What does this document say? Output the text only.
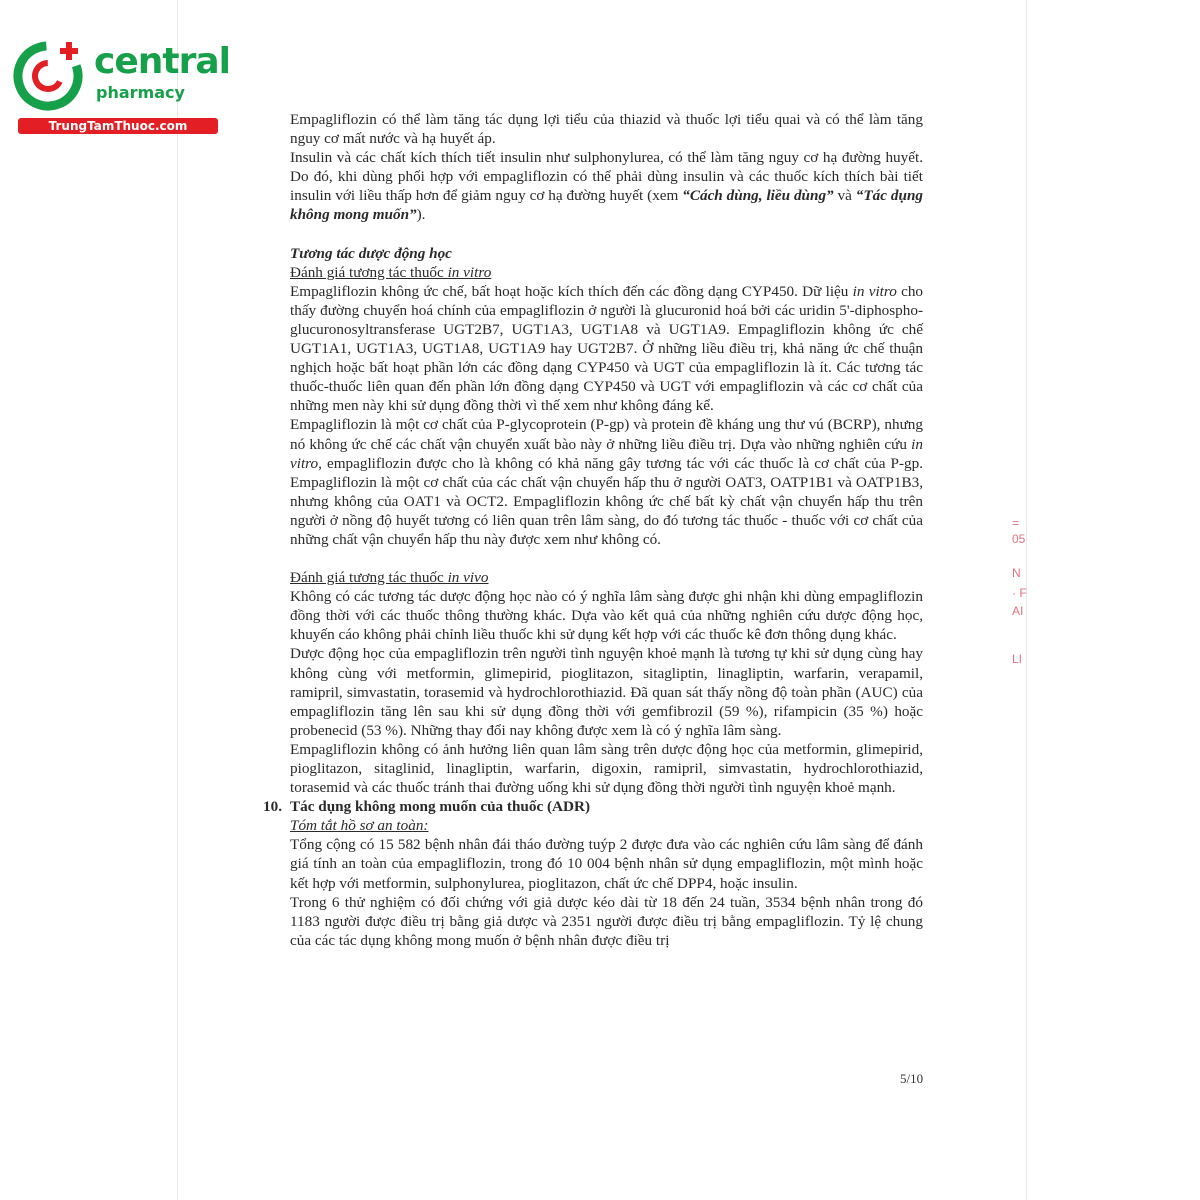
central
pharmacy
TrungTamThuoc.com	Empagliflozin có thể làm tăng tác dụng lợi tiểu của thiazid và thuốc lợi tiểu quai và có thể làm tăng nguy cơ mất nước và hạ huyết áp.

Insulin và các chất kích thích tiết insulin như sulphonylurea, có thể làm tăng nguy cơ hạ đường huyết. Do đó, khi dùng phối hợp với empagliflozin có thể phải dùng insulin và các thuốc kích thích bài tiết insulin với liều thấp hơn để giảm nguy cơ hạ đường huyết (xem “Cách dùng, liều dùng” và “Tác dụng không mong muốn”).

Tương tác dược động học

Đánh giá tương tác thuốc in vitro

Empagliflozin không ức chế, bất hoạt hoặc kích thích đến các đồng dạng CYP450. Dữ liệu in vitro cho thấy đường chuyển hoá chính của empagliflozin ở người là glucuronid hoá bởi các uridin 5'-diphospho-glucuronosyltransferase UGT2B7, UGT1A3, UGT1A8 và UGT1A9. Empagliflozin không ức chế UGT1A1, UGT1A3, UGT1A8, UGT1A9 hay UGT2B7. Ở những liều điều trị, khả năng ức chế thuận nghịch hoặc bất hoạt phần lớn các đồng dạng CYP450 và UGT của empagliflozin là ít. Các tương tác thuốc-thuốc liên quan đến phần lớn đồng dạng CYP450 và UGT với empagliflozin và các cơ chất của những men này khi sử dụng đồng thời vì thế xem như không đáng kể.

Empagliflozin là một cơ chất của P-glycoprotein (P-gp) và protein đề kháng ung thư vú (BCRP), nhưng nó không ức chế các chất vận chuyển xuất bào này ở những liều điều trị. Dựa vào những nghiên cứu in vitro, empagliflozin được cho là không có khả năng gây tương tác với các thuốc là cơ chất của P-gp. Empagliflozin là một cơ chất của các chất vận chuyển hấp thu ở người OAT3, OATP1B1 và OATP1B3, nhưng không của OAT1 và OCT2. Empagliflozin không ức chế bất kỳ chất vận chuyển hấp thu trên người ở nồng độ huyết tương có liên quan trên lâm sàng, do đó tương tác thuốc - thuốc với cơ chất của những chất vận chuyển hấp thu này được xem như không có.

Đánh giá tương tác thuốc in vivo

Không có các tương tác dược động học nào có ý nghĩa lâm sàng được ghi nhận khi dùng empagliflozin đồng thời với các thuốc thông thường khác. Dựa vào kết quả của những nghiên cứu dược động học, khuyến cáo không phải chỉnh liều thuốc khi sử dụng kết hợp với các thuốc kê đơn thông dụng khác.

Dược động học của empagliflozin trên người tình nguyện khoẻ mạnh là tương tự khi sử dụng cùng hay không cùng với metformin, glimepirid, pioglitazon, sitagliptin, linagliptin, warfarin, verapamil, ramipril, simvastatin, torasemid và hydrochlorothiazid. Đã quan sát thấy nồng độ toàn phần (AUC) của empagliflozin tăng lên sau khi sử dụng đồng thời với gemfibrozil (59 %), rifampicin (35 %) hoặc probenecid (53 %). Những thay đổi nay không được xem là có ý nghĩa lâm sàng.

Empagliflozin không có ảnh hưởng liên quan lâm sàng trên dược động học của metformin, glimepirid, pioglitazon, sitaglinid, linagliptin, warfarin, digoxin, ramipril, simvastatin, hydrochlorothiazid, torasemid và các thuốc tránh thai đường uống khi sử dụng đồng thời người tình nguyện khoẻ mạnh.

10. Tác dụng không mong muốn của thuốc (ADR)

Tóm tắt hồ sơ an toàn:

Tổng cộng có 15 582 bệnh nhân đái tháo đường tuýp 2 được đưa vào các nghiên cứu lâm sàng để đánh giá tính an toàn của empagliflozin, trong đó 10 004 bệnh nhân sử dụng empagliflozin, một mình hoặc kết hợp với metformin, sulphonylurea, pioglitazon, chất ức chế DPP4, hoặc insulin.

Trong 6 thử nghiệm có đối chứng với giả dược kéo dài từ 18 đến 24 tuần, 3534 bệnh nhân trong đó 1183 người được điều trị bằng giả dược và 2351 người được điều trị bằng empagliflozin. Tỷ lệ chung của các tác dụng không mong muốn ở bệnh nhân được điều trị

5/10
=
05
N
· F
AI
LI
